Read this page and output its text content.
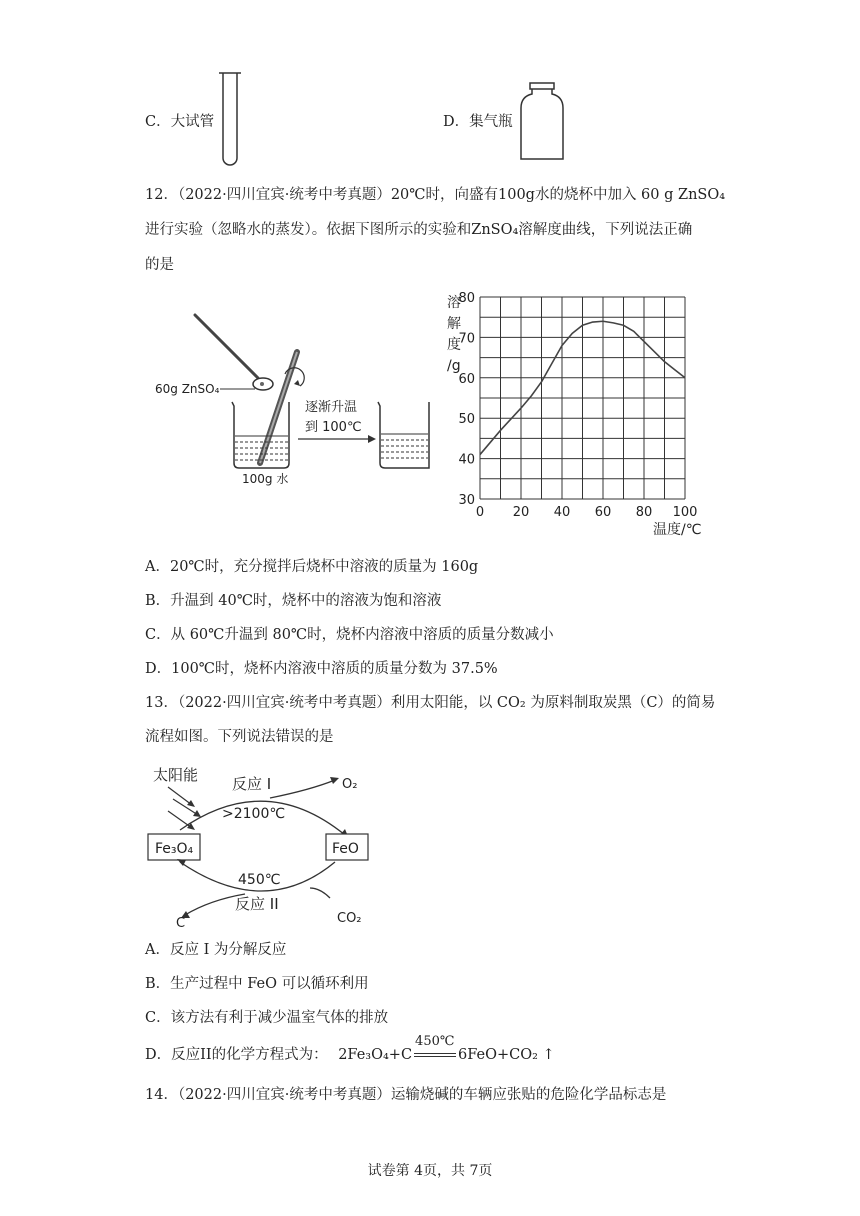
C．大试管	D．集气瓶
12．（2022·四川宜宾·统考中考真题）20℃时，向盛有100g水的烧杯中加入 60 g ZnSO₄
进行实验（忽略水的蒸发）。依据下图所示的实验和ZnSO₄溶解度曲线，下列说法正确
的是
60g ZnSO₄
100g 水
逐渐升温
到 100℃
0 20 40 60 80 100
30
40
50
60
70
80
溶
解
度
/g
温度/℃
A．20℃时，充分搅拌后烧杯中溶液的质量为 160g
B．升温到 40℃时，烧杯中的溶液为饱和溶液
C．从 60℃升温到 80℃时，烧杯内溶液中溶质的质量分数减小
D．100℃时，烧杯内溶液中溶质的质量分数为 37.5%
13．（2022·四川宜宾·统考中考真题）利用太阳能，以 CO₂ 为原料制取炭黑（C）的简易
流程如图。下列说法错误的是
太阳能 反应 I	O₂
>2100℃
Fe₃O₄	FeO
450℃
反应 II
C	CO₂
A．反应 I 为分解反应
B．生产过程中 FeO 可以循环利用
C．该方法有利于减少温室气体的排放
D．反应II的化学方程式为： 2Fe₃O₄+C
450℃
6FeO+CO₂ ↑
14．（2022·四川宜宾·统考中考真题）运输烧碱的车辆应张贴的危险化学品标志是
试卷第 4页，共 7页
